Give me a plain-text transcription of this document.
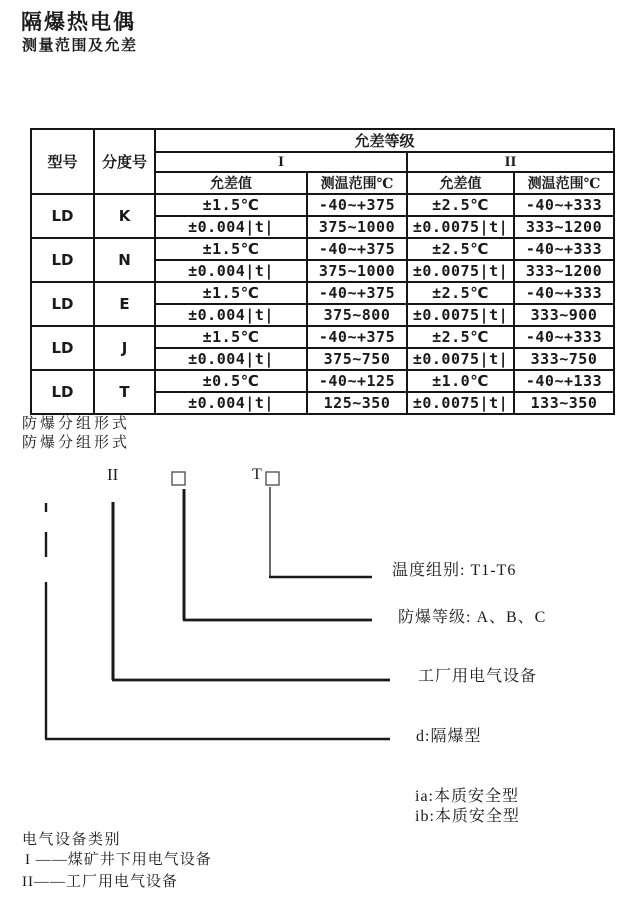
隔爆热电偶
测量范围及允差
型号	分度号	允差等级			
		I		II	
		允差值	测温范围℃	允差值	测温范围℃
LD	K	±1.5℃	-40~+375	±2.5℃	-40~+333
		±0.004|t|	375~1000	±0.0075|t|	333~1200
LD	N	±1.5℃	-40~+375	±2.5℃	-40~+333
		±0.004|t|	375~1000	±0.0075|t|	333~1200
LD	E	±1.5℃	-40~+375	±2.5℃	-40~+333
		±0.004|t|	375~800	±0.0075|t|	333~900
LD	J	±1.5℃	-40~+375	±2.5℃	-40~+333
		±0.004|t|	375~750	±0.0075|t|	333~750
LD	T	±0.5℃	-40~+125	±1.0℃	-40~+133
		±0.004|t|	125~350	±0.0075|t|	133~350
防爆分组形式
防爆分组形式
II	T
温度组别: T1-T6
防爆等级: A、B、C
工厂用电气设备
d:隔爆型
ia:本质安全型
ib:本质安全型
电气设备类别
I ——煤矿井下用电气设备
II——工厂用电气设备
